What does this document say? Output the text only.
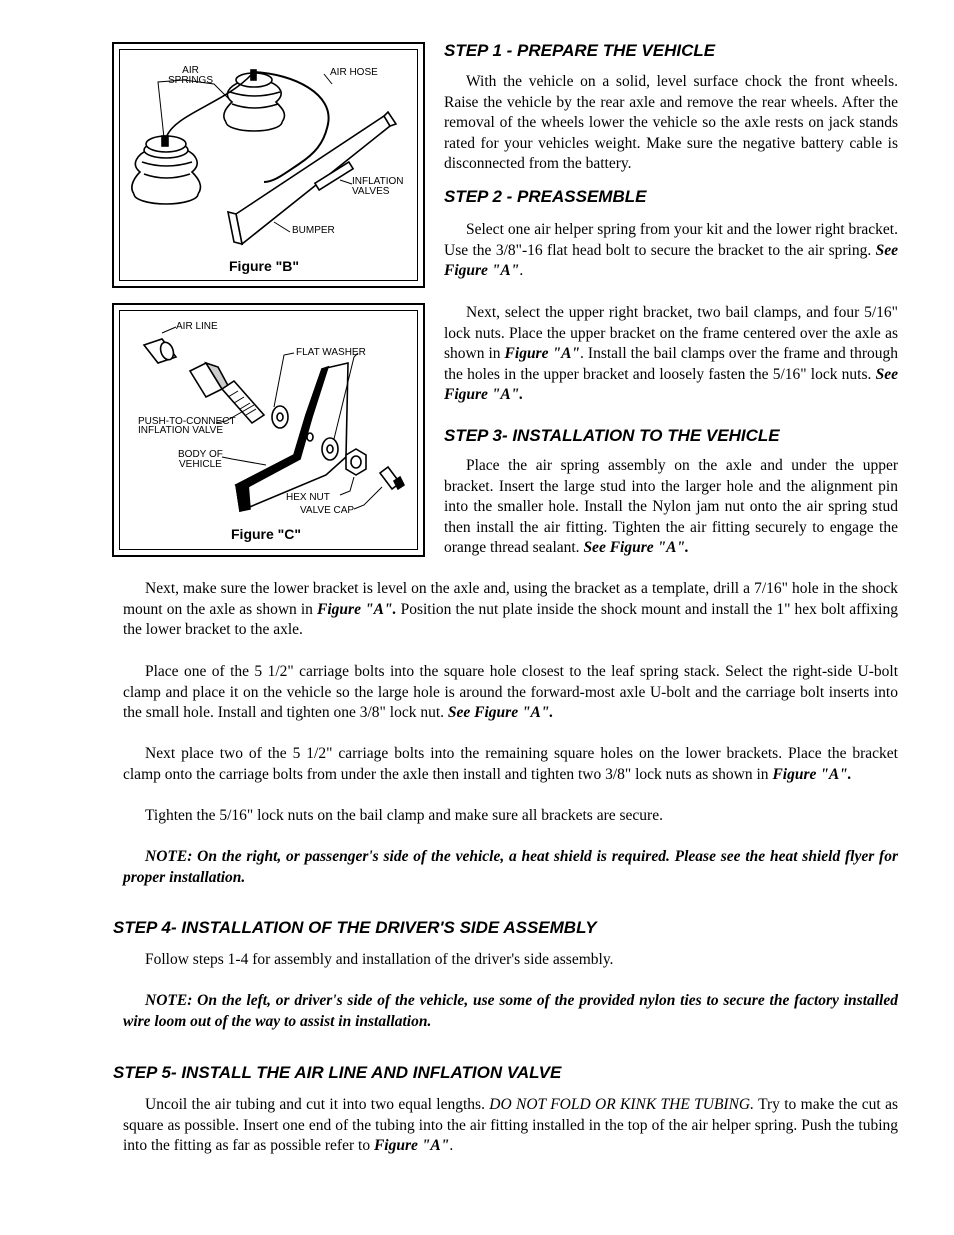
AIR
SPRINGS
AIR HOSE
INFLATION
VALVES
BUMPER
Figure "B"
AIR LINE
FLAT WASHER
PUSH-TO-CONNECT
INFLATION VALVE
BODY OF
VEHICLE
HEX NUT
VALVE CAP
Figure "C"
STEP 1 - PREPARE THE VEHICLE

With the vehicle on a solid, level surface chock the front wheels. Raise the vehicle by the rear axle and remove the rear wheels. After the removal of the wheels lower the vehicle so the axle rests on jack stands rated for your vehicles weight. Make sure the negative battery cable is disconnected from the battery.

STEP 2 - PREASSEMBLE

Select one air helper spring from your kit and the lower right bracket. Use the 3/8"-16 flat head bolt to secure the bracket to the air spring. See Figure "A".

Next, select the upper right bracket, two bail clamps, and four 5/16" lock nuts. Place the upper bracket on the frame centered over the axle as shown in Figure "A". Install the bail clamps over the frame and through the holes in the upper bracket and loosely fasten the 5/16" lock nuts. See Figure "A".

STEP 3- INSTALLATION TO THE VEHICLE

Place the air spring assembly on the axle and under the upper bracket. Insert the large stud into the larger hole and the alignment pin into the smaller hole. Install the Nylon jam nut onto the air spring stud then install the air fitting. Tighten the air fitting securely to engage the orange thread sealant. See Figure "A".

Next, make sure the lower bracket is level on the axle and, using the bracket as a template, drill a 7/16" hole in the shock mount on the axle as shown in Figure "A". Position the nut plate inside the shock mount and install the 1" hex bolt affixing the lower bracket to the axle.

Place one of the 5 1/2" carriage bolts into the square hole closest to the leaf spring stack. Select the right-side U-bolt clamp and place it on the vehicle so the large hole is around the forward-most axle U-bolt and the carriage bolt inserts into the small hole. Install and tighten one 3/8" lock nut. See Figure "A".

Next place two of the 5 1/2" carriage bolts into the remaining square holes on the lower brackets. Place the bracket clamp onto the carriage bolts from under the axle then install and tighten two 3/8" lock nuts as shown in Figure "A".

Tighten the 5/16" lock nuts on the bail clamp and make sure all brackets are secure.

NOTE: On the right, or passenger's side of the vehicle, a heat shield is required. Please see the heat shield flyer for proper installation.

STEP 4- INSTALLATION OF THE DRIVER'S SIDE ASSEMBLY

Follow steps 1-4 for assembly and installation of the driver's side assembly.

NOTE: On the left, or driver's side of the vehicle, use some of the provided nylon ties to secure the factory installed wire loom out of the way to assist in installation.

STEP 5- INSTALL THE AIR LINE AND INFLATION VALVE

Uncoil the air tubing and cut it into two equal lengths. DO NOT FOLD OR KINK THE TUBING. Try to make the cut as square as possible. Insert one end of the tubing into the air fitting installed in the top of the air helper spring. Push the tubing into the fitting as far as possible refer to Figure "A".
